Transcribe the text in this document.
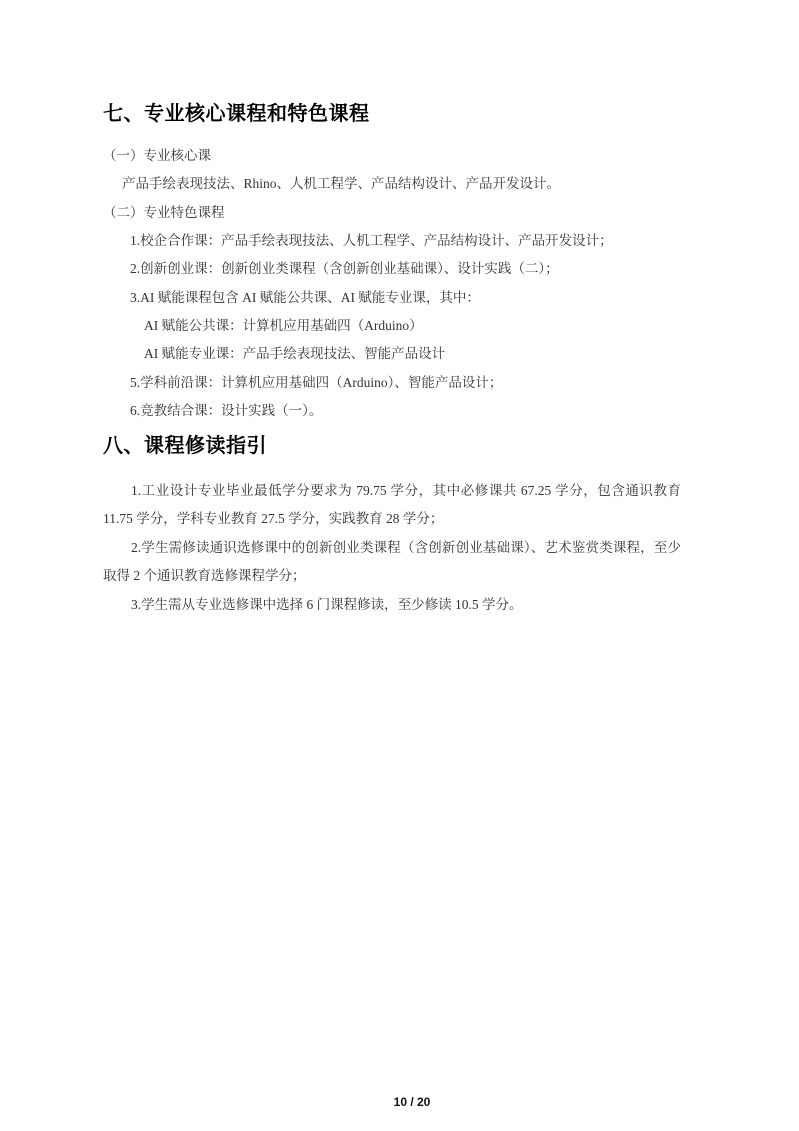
七、专业核心课程和特色课程

（一）专业核心课

产品手绘表现技法、Rhino、人机工程学、产品结构设计、产品开发设计。

（二）专业特色课程

1.校企合作课：产品手绘表现技法、人机工程学、产品结构设计、产品开发设计；

2.创新创业课：创新创业类课程（含创新创业基础课）、设计实践（二）；

3.AI 赋能课程包含 AI 赋能公共课、AI 赋能专业课，其中：

AI 赋能公共课：计算机应用基础四（Arduino）

AI 赋能专业课：产品手绘表现技法、智能产品设计

5.学科前沿课：计算机应用基础四（Arduino）、智能产品设计；

6.竞教结合课：设计实践（一）。

八、课程修读指引

1.工业设计专业毕业最低学分要求为 79.75 学分，其中必修课共 67.25 学分，包含通识教育 11.75 学分，学科专业教育 27.5 学分，实践教育 28 学分；

2.学生需修读通识选修课中的创新创业类课程（含创新创业基础课）、艺术鉴赏类课程，至少取得 2 个通识教育选修课程学分；

3.学生需从专业选修课中选择 6 门课程修读，至少修读 10.5 学分。

10 / 20
